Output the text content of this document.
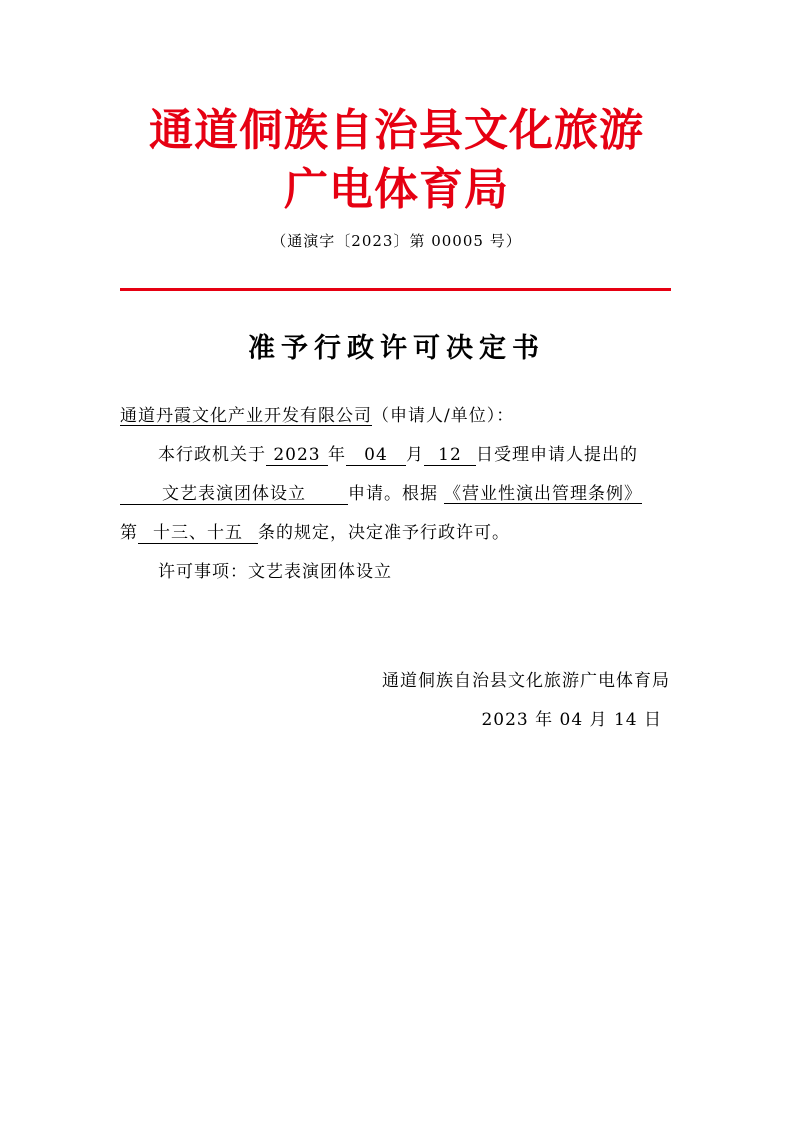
通道侗族自治县文化旅游
广电体育局
（通演字〔2023〕第 00005 号）
准予行政许可决定书
通道丹霞文化产业开发有限公司（申请人/单位）：
本行政机关于 2023 年 04 月 12 日受理申请人提出的
文艺表演团体设立 申请。根据 《营业性演出管理条例》
第 十三、十五 条的规定，决定准予行政许可。
许可事项：文艺表演团体设立
通道侗族自治县文化旅游广电体育局
2023 年 04 月 14 日
